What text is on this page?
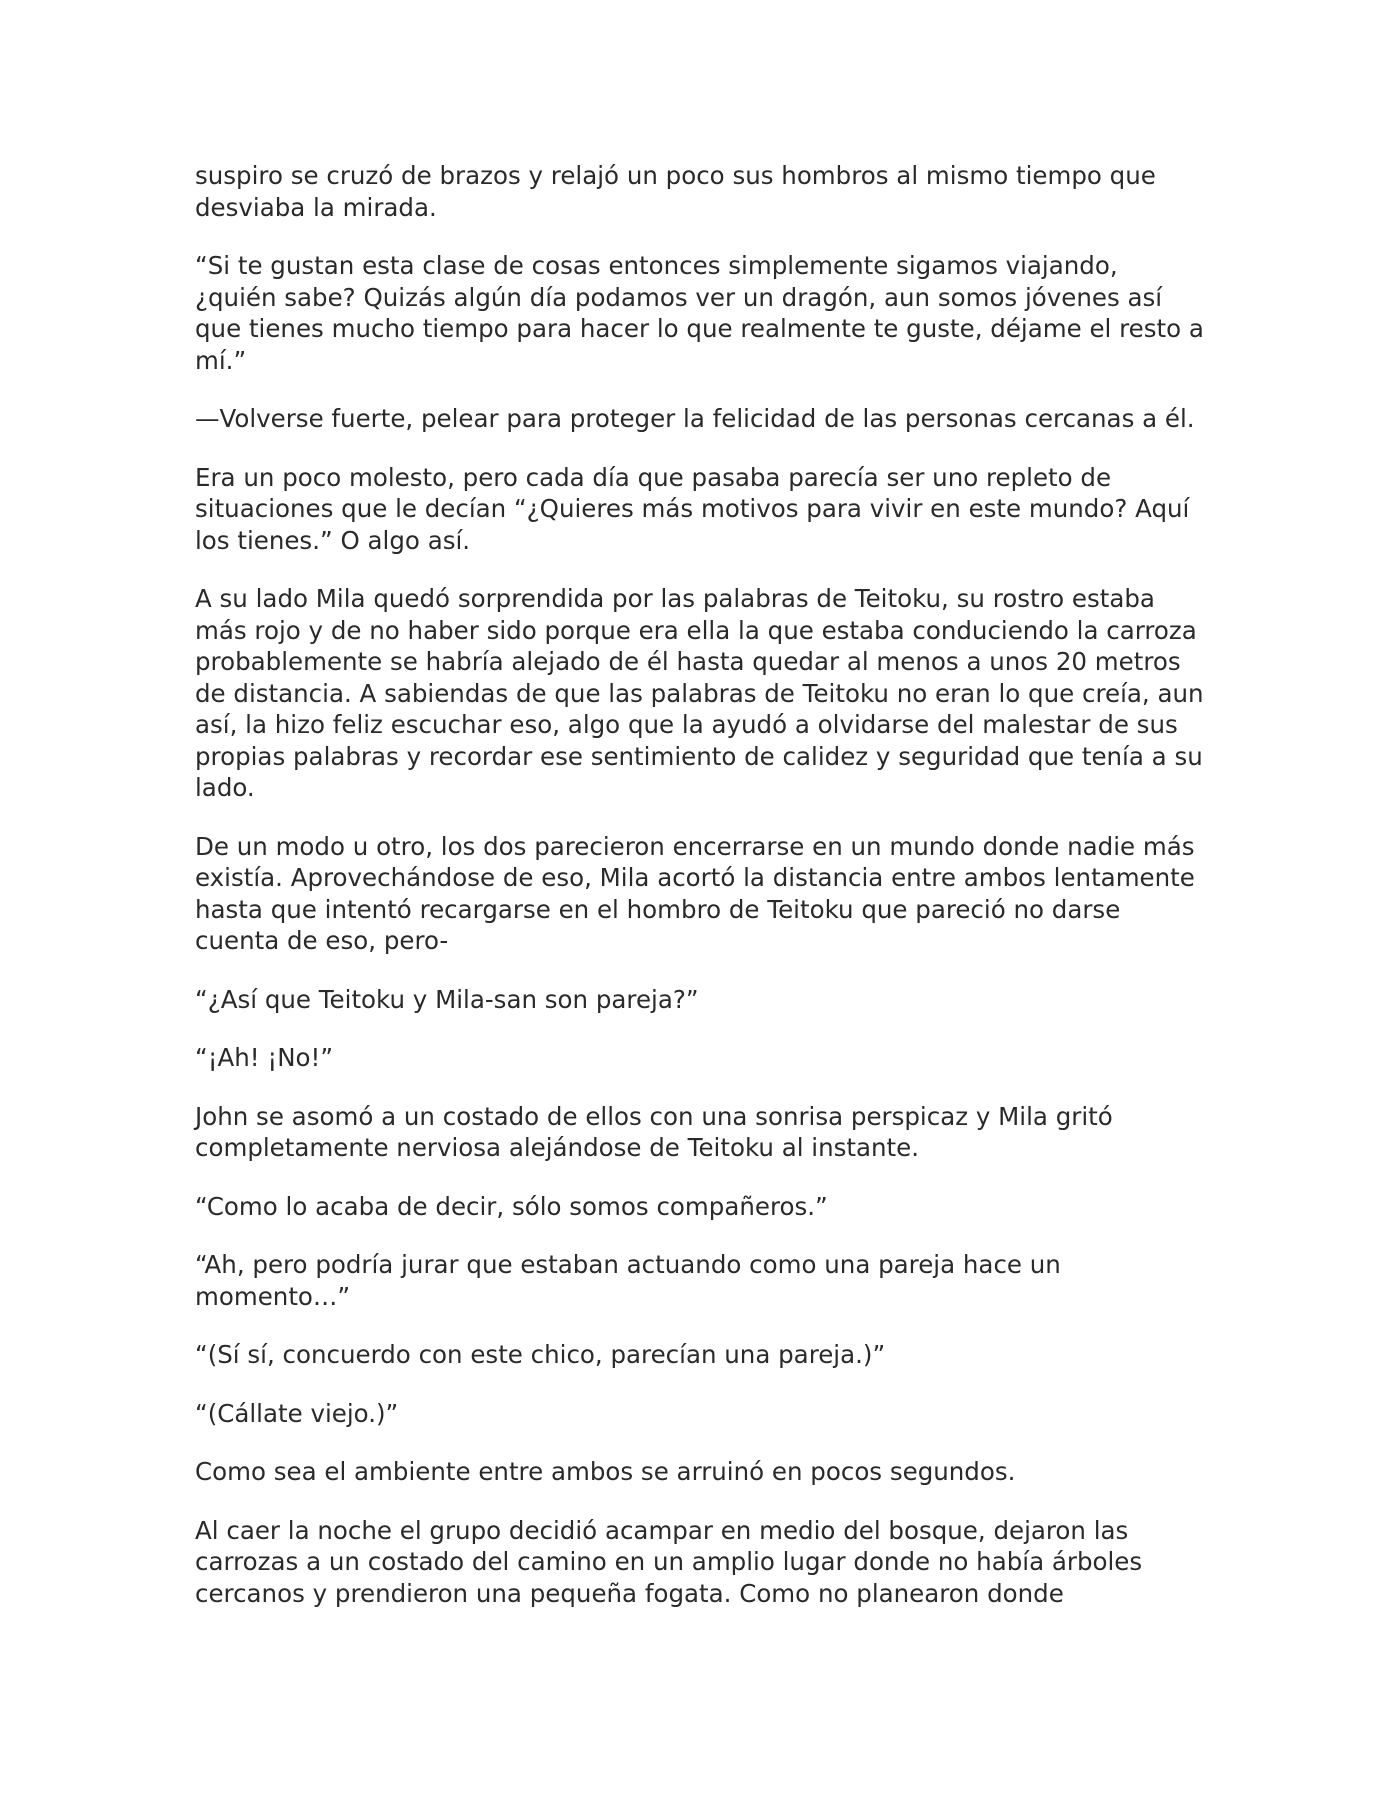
suspiro se cruzó de brazos y relajó un poco sus hombros al mismo tiempo que desviaba la mirada.

“Si te gustan esta clase de cosas entonces simplemente sigamos viajando, ¿quién sabe? Quizás algún día podamos ver un dragón, aun somos jóvenes así que tienes mucho tiempo para hacer lo que realmente te guste, déjame el resto a mí.”

—Volverse fuerte, pelear para proteger la felicidad de las personas cercanas a él.

Era un poco molesto, pero cada día que pasaba parecía ser uno repleto de situaciones que le decían “¿Quieres más motivos para vivir en este mundo? Aquí los tienes.” O algo así.

A su lado Mila quedó sorprendida por las palabras de Teitoku, su rostro estaba más rojo y de no haber sido porque era ella la que estaba conduciendo la carroza probablemente se habría alejado de él hasta quedar al menos a unos 20 metros de distancia. A sabiendas de que las palabras de Teitoku no eran lo que creía, aun así, la hizo feliz escuchar eso, algo que la ayudó a olvidarse del malestar de sus propias palabras y recordar ese sentimiento de calidez y seguridad que tenía a su lado.

De un modo u otro, los dos parecieron encerrarse en un mundo donde nadie más existía. Aprovechándose de eso, Mila acortó la distancia entre ambos lentamente hasta que intentó recargarse en el hombro de Teitoku que pareció no darse cuenta de eso, pero-

“¿Así que Teitoku y Mila-san son pareja?”

“¡Ah! ¡No!”

John se asomó a un costado de ellos con una sonrisa perspicaz y Mila gritó completamente nerviosa alejándose de Teitoku al instante.

“Como lo acaba de decir, sólo somos compañeros.”

“Ah, pero podría jurar que estaban actuando como una pareja hace un momento…”

“(Sí sí, concuerdo con este chico, parecían una pareja.)”

“(Cállate viejo.)”

Como sea el ambiente entre ambos se arruinó en pocos segundos.

Al caer la noche el grupo decidió acampar en medio del bosque, dejaron las carrozas a un costado del camino en un amplio lugar donde no había árboles cercanos y prendieron una pequeña fogata. Como no planearon donde
